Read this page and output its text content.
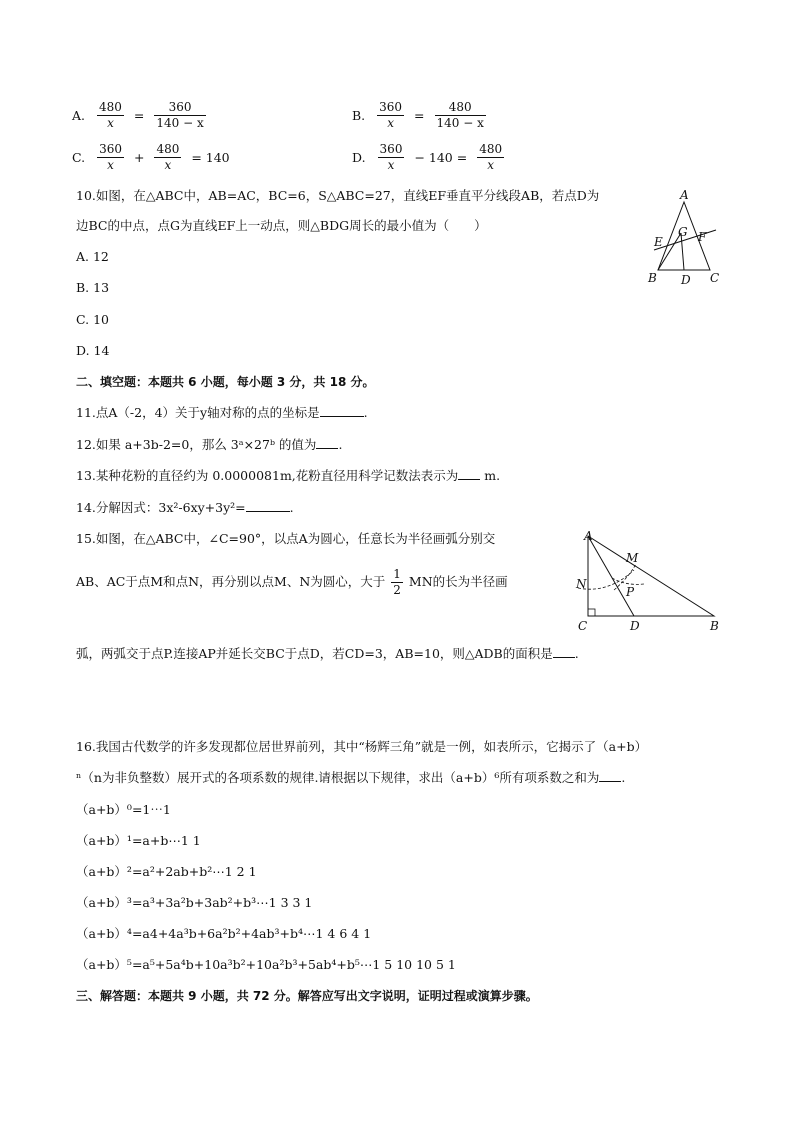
A. $\frac{480}{x} = \frac{360}{140 - x}$	B. $\frac{360}{x} = \frac{480}{140 - x}$
C. $\frac{360}{x} + \frac{480}{x} = 140$	D. $\frac{360}{x} - 140 = \frac{480}{x}$
10.如图，在△ABC中，AB=AC，BC=6，S△ABC=27，直线EF垂直平分线段AB，若点D为
边BC的中点，点G为直线EF上一动点，则△BDG周长的最小值为（　　）
A. 12
B. 13
C. 10
D. 14
A
B	C
D
E	F
G
二、填空题：本题共 6 小题，每小题 3 分，共 18 分。
11.点A（-2，4）关于y轴对称的点的坐标是	.
12.如果 a+3b-2=0，那么 3ᵃ×27ᵇ 的值为 .
13.某种花粉的直径约为 0.0000081m,花粉直径用科学记数法表示为 m.
14.分解因式：3x²-6xy+3y²=	.
15.如图，在△ABC中，∠C=90°，以点A为圆心，任意长为半径画弧分别交
AB、AC于点M和点N，再分别以点M、N为圆心，大于 $\frac{1}{2}$ MN的长为半径画
弧，两弧交于点P.连接AP并延长交BC于点D，若CD=3，AB=10，则△ADB的面积是 .
A
C	D	B
M
N
P
16.我国古代数学的许多发现都位居世界前列，其中“杨辉三角”就是一例，如表所示，它揭示了（a+b）
ⁿ（n为非负整数）展开式的各项系数的规律.请根据以下规律，求出（a+b）⁶所有项系数之和为 .
（a+b）⁰=1⋯1
（a+b）¹=a+b⋯1 1
（a+b）²=a²+2ab+b²⋯1 2 1
（a+b）³=a³+3a²b+3ab²+b³⋯1 3 3 1
（a+b）⁴=a4+4a³b+6a²b²+4ab³+b⁴⋯1 4 6 4 1
（a+b）⁵=a⁵+5a⁴b+10a³b²+10a²b³+5ab⁴+b⁵⋯1 5 10 10 5 1
三、解答题：本题共 9 小题，共 72 分。解答应写出文字说明，证明过程或演算步骤。
